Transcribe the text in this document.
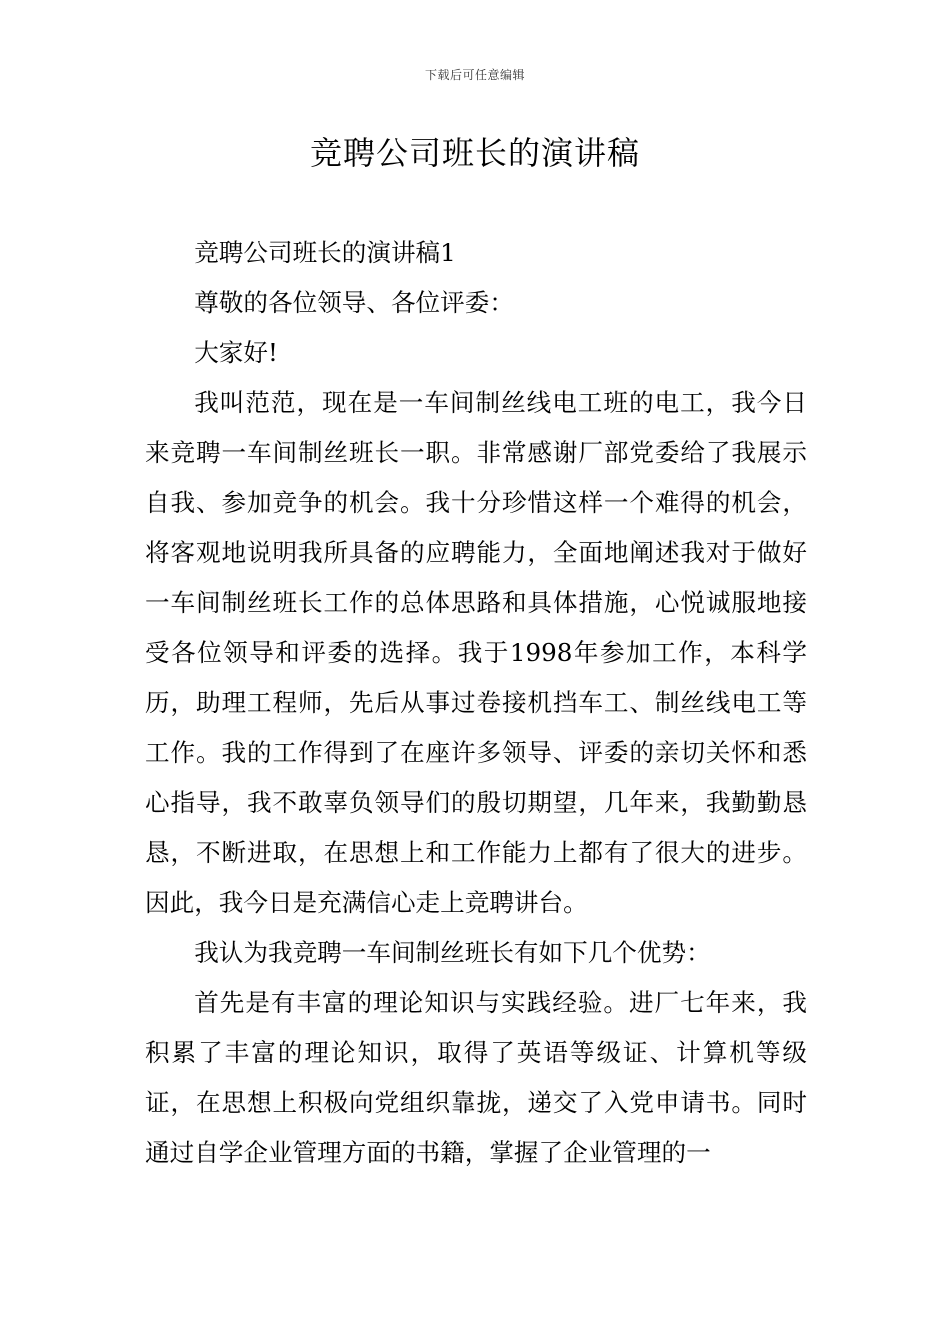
下载后可任意编辑
竞聘公司班长的演讲稿

竞聘公司班长的演讲稿1

尊敬的各位领导、各位评委：

大家好!

我叫范范，现在是一车间制丝线电工班的电工，我今日来竞聘一车间制丝班长一职。非常感谢厂部党委给了我展示自我、参加竞争的机会。我十分珍惜这样一个难得的机会，将客观地说明我所具备的应聘能力，全面地阐述我对于做好一车间制丝班长工作的总体思路和具体措施，心悦诚服地接受各位领导和评委的选择。我于1998年参加工作，本科学历，助理工程师，先后从事过卷接机挡车工、制丝线电工等工作。我的工作得到了在座许多领导、评委的亲切关怀和悉心指导，我不敢辜负领导们的殷切期望，几年来，我勤勤恳恳，不断进取，在思想上和工作能力上都有了很大的进步。因此，我今日是充满信心走上竞聘讲台。

我认为我竞聘一车间制丝班长有如下几个优势：

首先是有丰富的理论知识与实践经验。进厂七年来，我积累了丰富的理论知识，取得了英语等级证、计算机等级证，在思想上积极向党组织靠拢，递交了入党申请书。同时通过自学企业管理方面的书籍，掌握了企业管理的一
